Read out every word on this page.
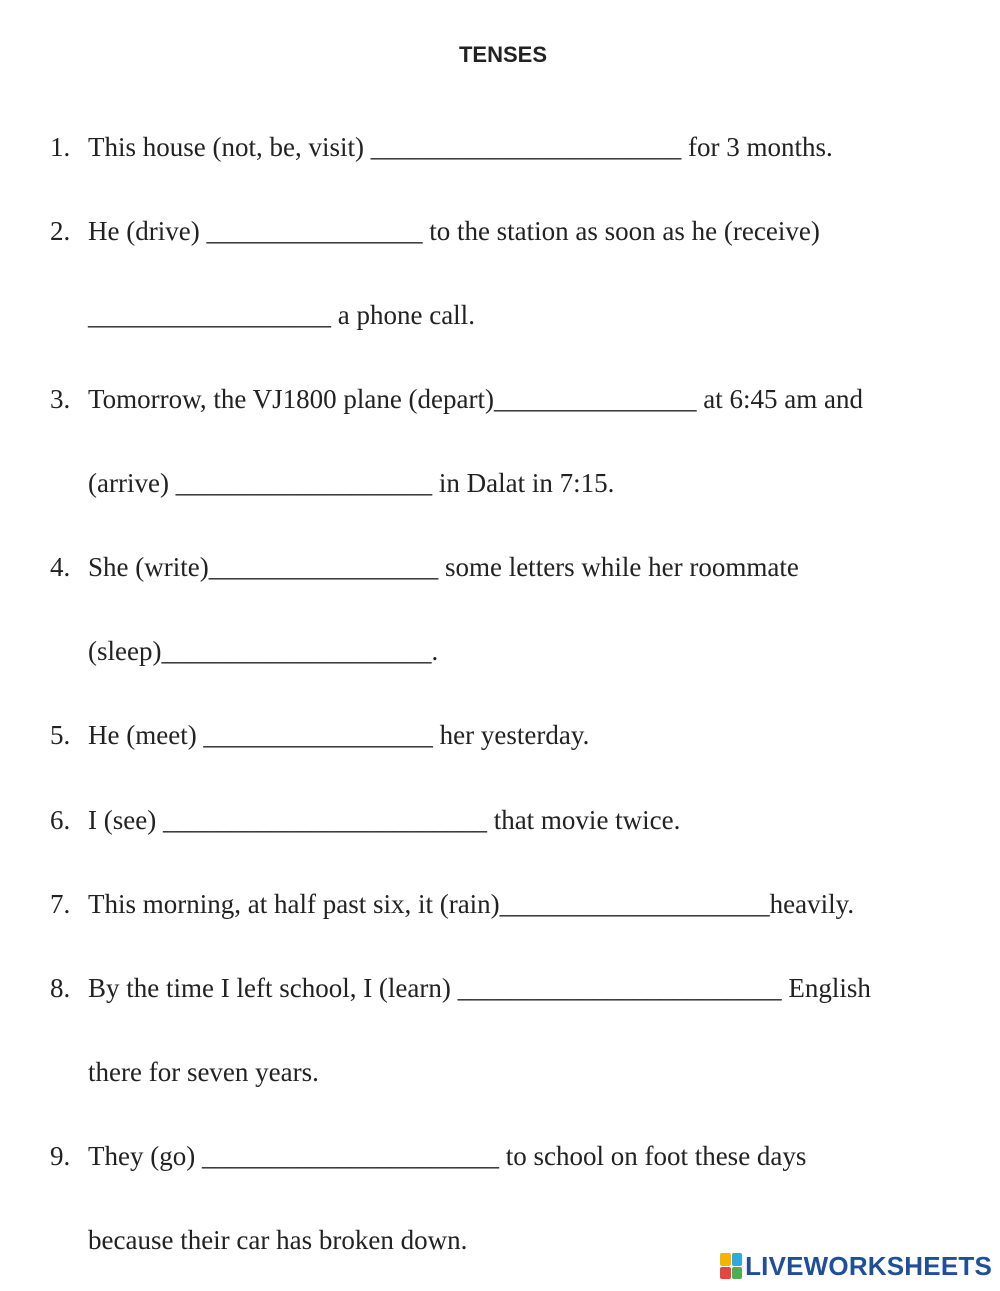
TENSES
1. This house (not, be, visit) _______________________ for 3 months.
2. He (drive) ________________ to the station as soon as he (receive)
__________________ a phone call.
3. Tomorrow, the VJ1800 plane (depart)_______________ at 6:45 am and
(arrive) ___________________ in Dalat in 7:15.
4. She (write)_________________ some letters while her roommate
(sleep)____________________.
5. He (meet) _________________ her yesterday.
6. I (see) ________________________ that movie twice.
7. This morning, at half past six, it (rain)____________________heavily.
8. By the time I left school, I (learn) ________________________ English
there for seven years.
9. They (go) ______________________ to school on foot these days
because their car has broken down.
LIVEWORKSHEETS
